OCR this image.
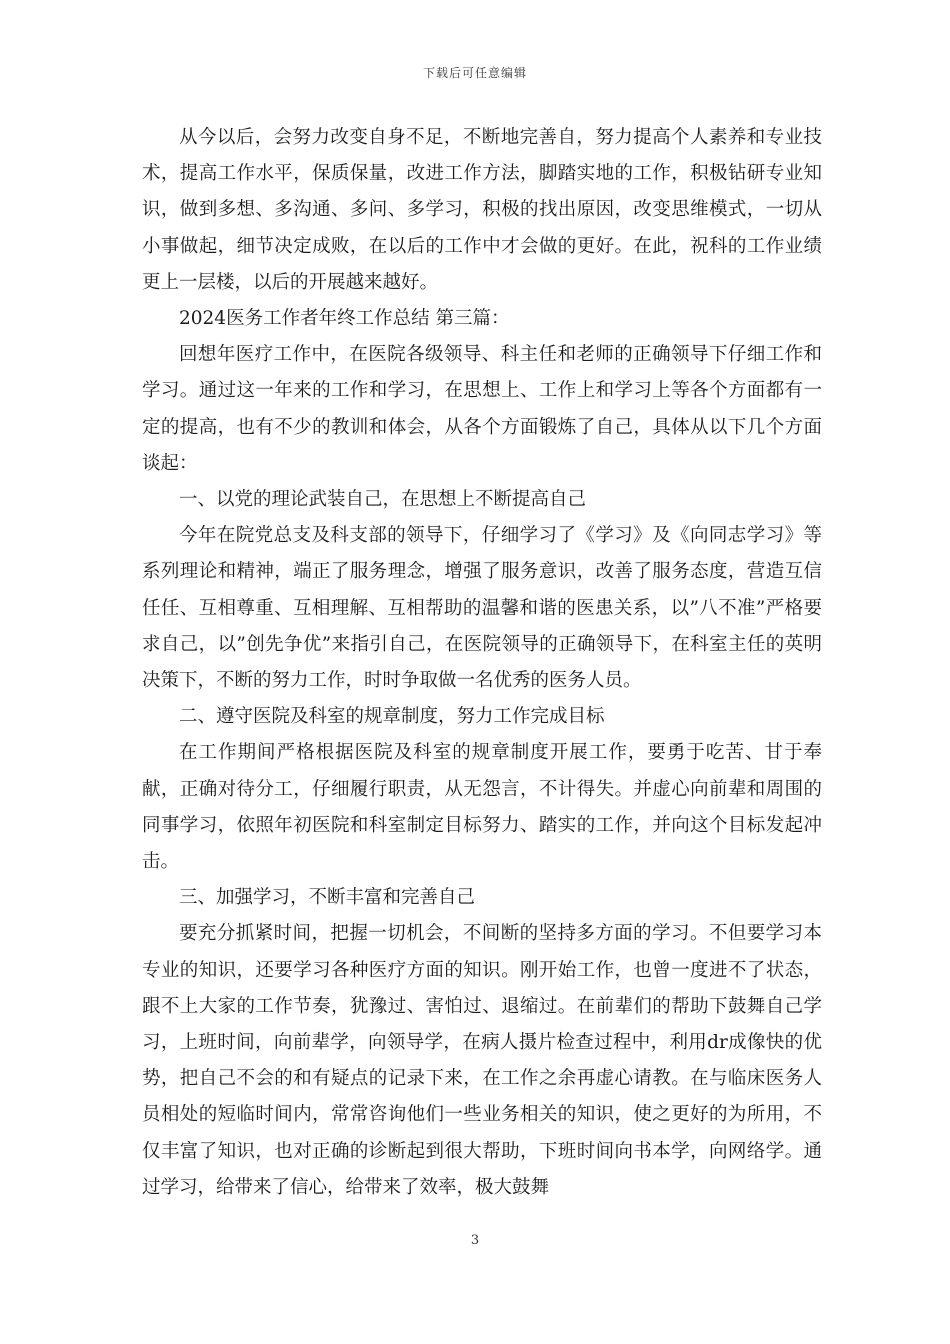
下载后可任意编辑

从今以后，会努力改变自身不足，不断地完善自，努力提高个人素养和专业技术，提高工作水平，保质保量，改进工作方法，脚踏实地的工作，积极钻研专业知识，做到多想、多沟通、多问、多学习，积极的找出原因，改变思维模式，一切从小事做起，细节决定成败，在以后的工作中才会做的更好。在此，祝科的工作业绩更上一层楼，以后的开展越来越好。

2024医务工作者年终工作总结 第三篇：

回想年医疗工作中，在医院各级领导、科主任和老师的正确领导下仔细工作和学习。通过这一年来的工作和学习，在思想上、工作上和学习上等各个方面都有一定的提高，也有不少的教训和体会，从各个方面锻炼了自己，具体从以下几个方面谈起：

一、以党的理论武装自己，在思想上不断提高自己

今年在院党总支及科支部的领导下，仔细学习了《学习》及《向同志学习》等系列理论和精神，端正了服务理念，增强了服务意识，改善了服务态度，营造互信任任、互相尊重、互相理解、互相帮助的温馨和谐的医患关系，以”八不准”严格要求自己，以”创先争优”来指引自己，在医院领导的正确领导下，在科室主任的英明决策下，不断的努力工作，时时争取做一名优秀的医务人员。

二、遵守医院及科室的规章制度，努力工作完成目标

在工作期间严格根据医院及科室的规章制度开展工作，要勇于吃苦、甘于奉献，正确对待分工，仔细履行职责，从无怨言，不计得失。并虚心向前辈和周围的同事学习，依照年初医院和科室制定目标努力、踏实的工作，并向这个目标发起冲击。

三、加强学习，不断丰富和完善自己

要充分抓紧时间，把握一切机会，不间断的坚持多方面的学习。不但要学习本专业的知识，还要学习各种医疗方面的知识。刚开始工作，也曾一度进不了状态，跟不上大家的工作节奏，犹豫过、害怕过、退缩过。在前辈们的帮助下鼓舞自己学习，上班时间，向前辈学，向领导学，在病人摄片检查过程中，利用dr成像快的优势，把自己不会的和有疑点的记录下来，在工作之余再虚心请教。在与临床医务人员相处的短临时间内，常常咨询他们一些业务相关的知识，使之更好的为所用，不仅丰富了知识，也对正确的诊断起到很大帮助，下班时间向书本学，向网络学。通过学习，给带来了信心，给带来了效率，极大鼓舞

3
